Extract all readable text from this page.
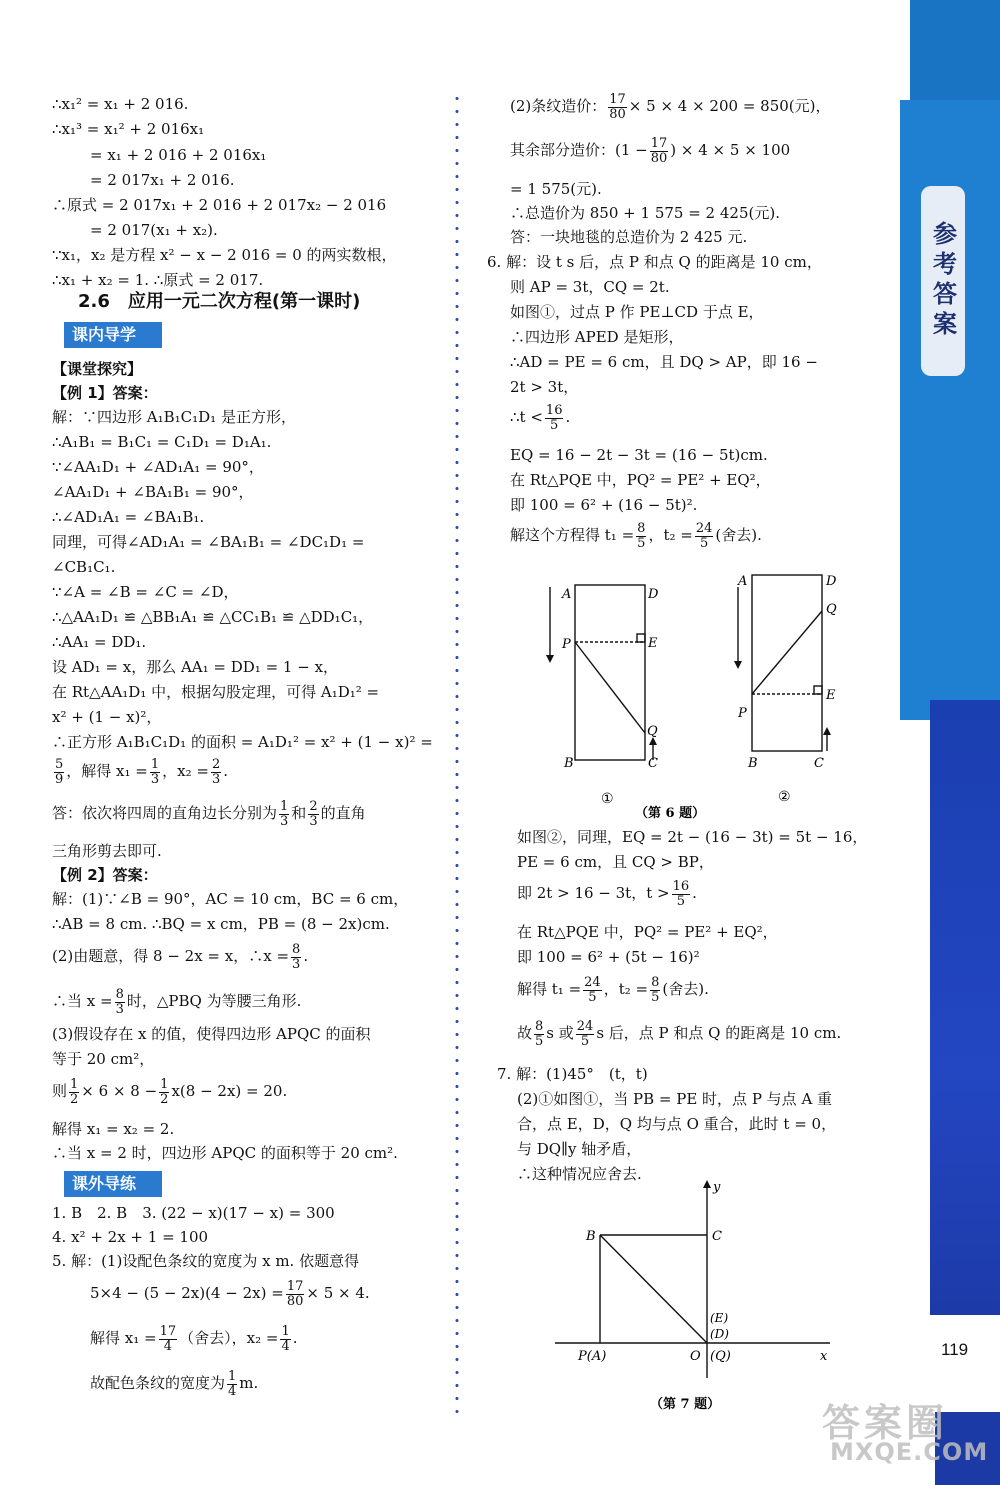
参考答案
119
∴x₁² = x₁ + 2 016.
∴x₁³ = x₁² + 2 016x₁
= x₁ + 2 016 + 2 016x₁
= 2 017x₁ + 2 016.
∴原式 = 2 017x₁ + 2 016 + 2 017x₂ − 2 016
= 2 017(x₁ + x₂).
∵x₁，x₂ 是方程 x² − x − 2 016 = 0 的两实数根，
∴x₁ + x₂ = 1. ∴原式 = 2 017.
2.6　应用一元二次方程(第一课时)
课内导学
【课堂探究】
【例 1】答案：
解：∵四边形 A₁B₁C₁D₁ 是正方形，
∴A₁B₁ = B₁C₁ = C₁D₁ = D₁A₁.
∵∠AA₁D₁ + ∠AD₁A₁ = 90°，
∠AA₁D₁ + ∠BA₁B₁ = 90°，
∴∠AD₁A₁ = ∠BA₁B₁.
同理，可得∠AD₁A₁ = ∠BA₁B₁ = ∠DC₁D₁ =
∠CB₁C₁.
∵∠A = ∠B = ∠C = ∠D，
∴△AA₁D₁ ≌ △BB₁A₁ ≌ △CC₁B₁ ≌ △DD₁C₁，
∴AA₁ = DD₁.
设 AD₁ = x，那么 AA₁ = DD₁ = 1 − x，
在 Rt△AA₁D₁ 中，根据勾股定理，可得 A₁D₁² =
x² + (1 − x)²，
∴正方形 A₁B₁C₁D₁ 的面积 = A₁D₁² = x² + (1 − x)² =
$\frac{5}{9}$ ，解得 $x_1 = \frac{1}{3}$ ，$x_2 = \frac{2}{3}$ .
答：依次将四周的直角边长分别为 $\frac{1}{3}$ 和 $\frac{2}{3}$ 的直角
三角形剪去即可.
【例 2】答案：
解：(1)∵∠B = 90°，AC = 10 cm，BC = 6 cm，
∴AB = 8 cm. ∴BQ = x cm，PB = (8 − 2x)cm.
(2)由题意，得 8 − 2x = x，∴x = $\frac{8}{3}$ .
∴当 $x = \frac{8}{3}$ 时，△PBQ 为等腰三角形.
(3)假设存在 x 的值，使得四边形 APQC 的面积
等于 20 cm²，
则 $\frac{1}{2} \times 6 \times 8 - \frac{1}{2} x(8 - 2x) = 20$.
解得 x₁ = x₂ = 2.
∴当 x = 2 时，四边形 APQC 的面积等于 20 cm².
课外导练
1. B　2. B　3. (22 − x)(17 − x) = 300
4. x² + 2x + 1 = 100
5. 解：(1)设配色条纹的宽度为 x m. 依题意得
$5\times 4 - (5 - 2x)(4 - 2x) = \frac{17}{80} \times 5 \times 4$.
解得 $x_1 = \frac{17}{4}$ （舍去），$x_2 = \frac{1}{4}$ .
故配色条纹的宽度为 $\frac{1}{4} m$.
(2)条纹造价： $\frac{17}{80} \times 5 \times 4 \times 200 = 850$(元)，
其余部分造价：($1 - \frac{17}{80}$ ) × 4 × 5 × 100
= 1 575(元).
∴总造价为 850 + 1 575 = 2 425(元).
答：一块地毯的总造价为 2 425 元.
6. 解：设 t s 后，点 P 和点 Q 的距离是 10 cm，
则 AP = 3t，CQ = 2t.
如图①，过点 P 作 PE⊥CD 于点 E，
∴四边形 APED 是矩形，
∴AD = PE = 6 cm，且 DQ > AP，即 16 −
2t > 3t，
∴t < $\frac{16}{5}$ .
EQ = 16 − 2t − 3t = (16 − 5t)cm.
在 Rt△PQE 中，PQ² = PE² + EQ²，
即 100 = 6² + (16 − 5t)².
解这个方程得 $t_1 = \frac{8}{5}$ ，$t_2 = \frac{24}{5}$ (舍去).
A	D
P	E
Q
B	C
①
A	D
Q
E
P
B	C
②
（第 6 题）
如图②，同理，EQ = 2t − (16 − 3t) = 5t − 16，
PE = 6 cm，且 CQ > BP，
即 2t > 16 − 3t，$t > \frac{16}{5}$ .
在 Rt△PQE 中，PQ² = PE² + EQ²，
即 100 = 6² + (5t − 16)²
解得 $t_1 = \frac{24}{5}$ ，$t_2 = \frac{8}{5}$ (舍去).
故 $\frac{8}{5}$ s 或 $\frac{24}{5}$ s 后，点 P 和点 Q 的距离是 10 cm.
7. 解：(1)45°　(t，t)
(2)①如图①，当 PB = PE 时，点 P 与点 A 重
合，点 E，D，Q 均与点 O 重合，此时 t = 0，
与 DQ∥y 轴矛盾，
∴这种情况应舍去.
y
x
B	C
(E)
(D)
P(A)	O (Q)
（第 7 题）	答案圈
MXQE.COM
